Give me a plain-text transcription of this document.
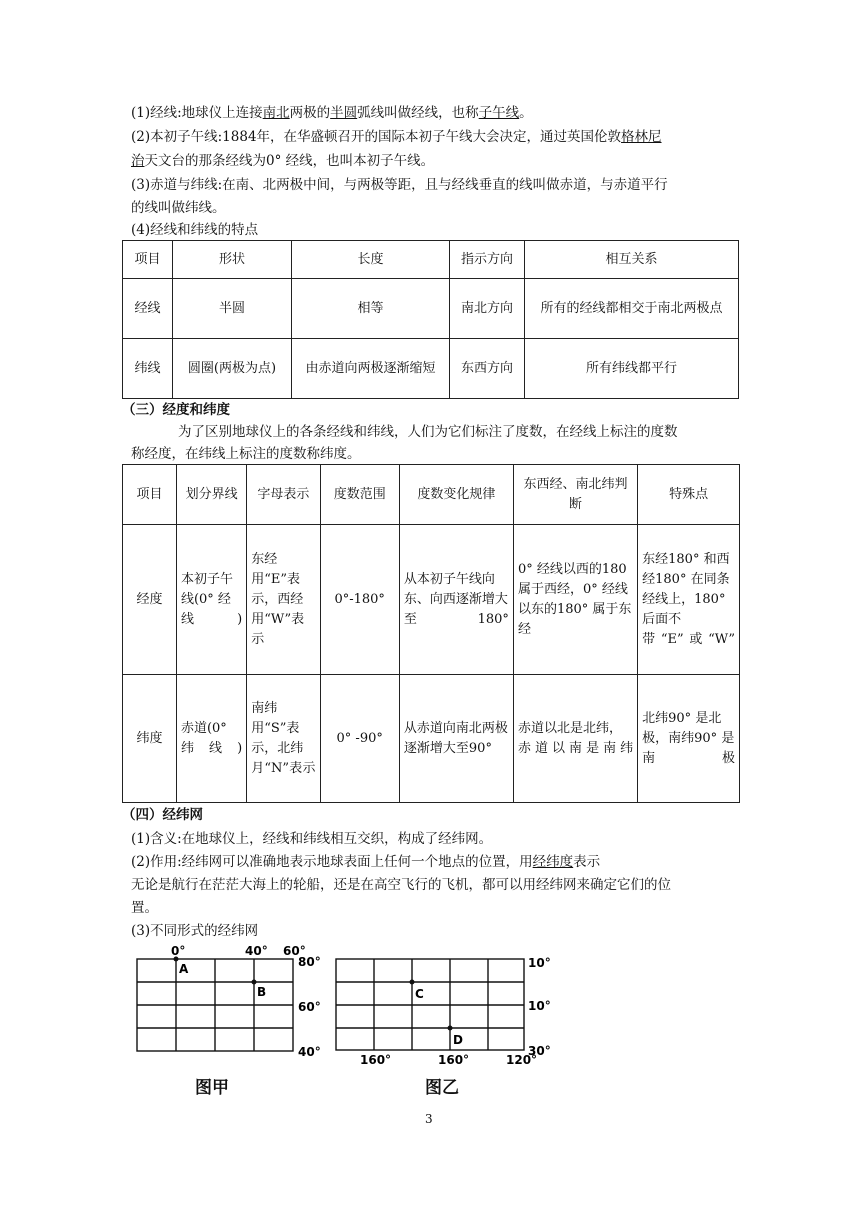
(1)经线:地球仪上连接南北两极的半圆弧线叫做经线，也称子午线。
(2)本初子午线:1884年，在华盛顿召开的国际本初子午线大会决定，通过英国伦敦格林尼
治天文台的那条经线为0° 经线，也叫本初子午线。
(3)赤道与纬线:在南、北两极中间，与两极等距，且与经线垂直的线叫做赤道，与赤道平行
的线叫做纬线。
(4)经线和纬线的特点
项目	形状	长度	指示方向	相互关系
经线	半圆	相等	南北方向	所有的经线都相交于南北两极点
纬线	圆圈(两极为点)	由赤道向两极逐渐缩短	东西方向	所有纬线都平行
（三）经度和纬度
为了区别地球仪上的各条经线和纬线，人们为它们标注了度数，在经线上标注的度数
称经度，在纬线上标注的度数称纬度。
项目	划分界线	字母表示	度数范围	度数变化规律	东西经、南北纬判断	特殊点
经度	本初子午线(0° 经线)	东经用“E”表示，西经用“W”表示	0°-180°	从本初子午线向东、向西逐渐增大至180°	0° 经线以西的180属于西经，0° 经线以东的180° 属于东经	东经180° 和西经180° 在同条经线上，180° 后面不带“E”或“W”
纬度	赤道(0° 纬线)	南纬用“S”表示，北纬月“N”表示	0° -90°	从赤道向南北两极逐渐增大至90°	赤道以北是北纬，赤道以南是南纬	北纬90° 是北极，南纬90° 是南极
（四）经纬网
(1)含义:在地球仪上，经线和纬线相互交织，构成了经纬网。
(2)作用:经纬网可以准确地表示地球表面上任何一个地点的位置，用经纬度表示
无论是航行在茫茫大海上的轮船，还是在高空飞行的飞机，都可以用经纬网来确定它们的位
置。
(3)不同形式的经纬网
0°	40° 60°
80°
60°
40°
A
B
图甲
10°
10°
30°
160°	160°	120°
C
D
图乙
3
